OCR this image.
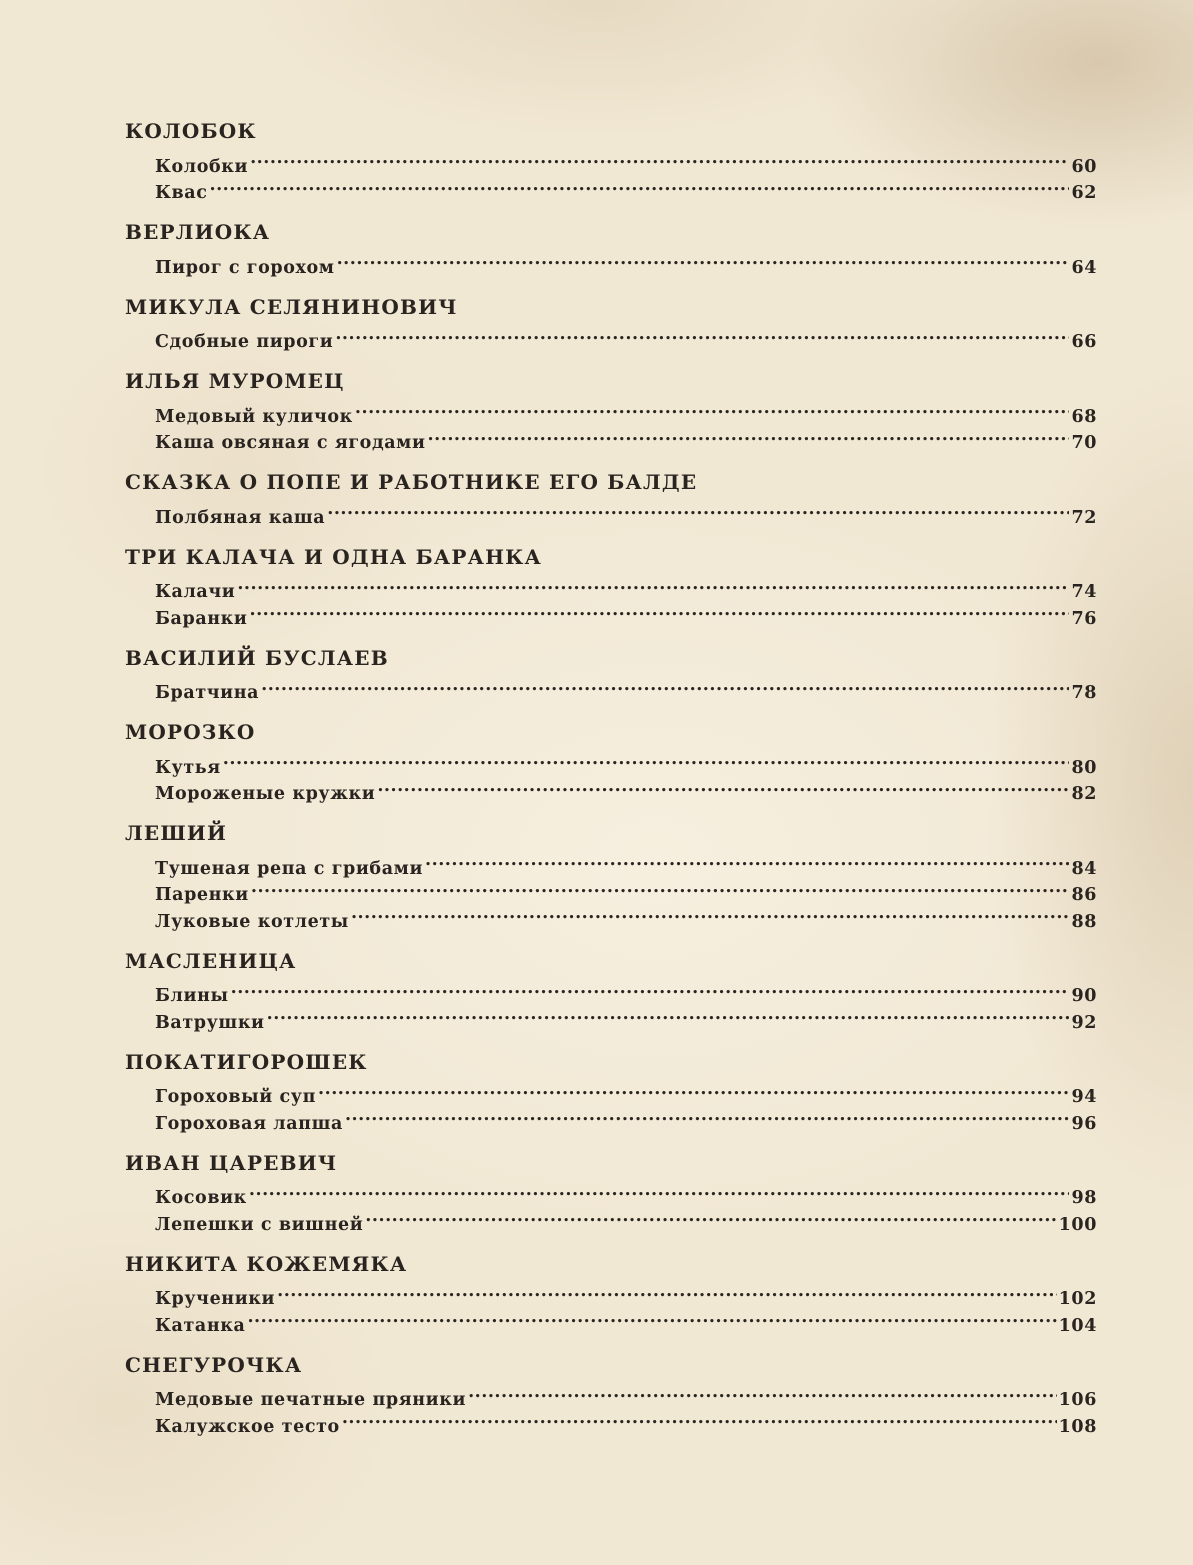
КОЛОБОК
Колобки .....	60
Квас .....	62
ВЕРЛИОКА
Пирог с горохом .....	64
МИКУЛА СЕЛЯНИНОВИЧ
Сдобные пироги .....	66
ИЛЬЯ МУРОМЕЦ
Медовый куличок .....	68
Каша овсяная с ягодами .....	70
СКАЗКА О ПОПЕ И РАБОТНИКЕ ЕГО БАЛДЕ
Полбяная каша .....	72
ТРИ КАЛАЧА И ОДНА БАРАНКА
Калачи .....	74
Баранки .....	76
ВАСИЛИЙ БУСЛАЕВ
Братчина .....	78
МОРОЗКО
Кутья .....	80
Мороженые кружки .....	82
ЛЕШИЙ
Тушеная репа с грибами .....	84
Паренки .....	86
Луковые котлеты .....	88
МАСЛЕНИЦА
Блины .....	90
Ватрушки .....	92
ПОКАТИГОРОШЕК
Гороховый суп .....	94
Гороховая лапша .....	96
ИВАН ЦАРЕВИЧ
Косовик .....	98
Лепешки с вишней .....	100
НИКИТА КОЖЕМЯКА
Крученики .....	102
Катанка .....	104
СНЕГУРОЧКА
Медовые печатные пряники .....	106
Калужское тесто .....	108
